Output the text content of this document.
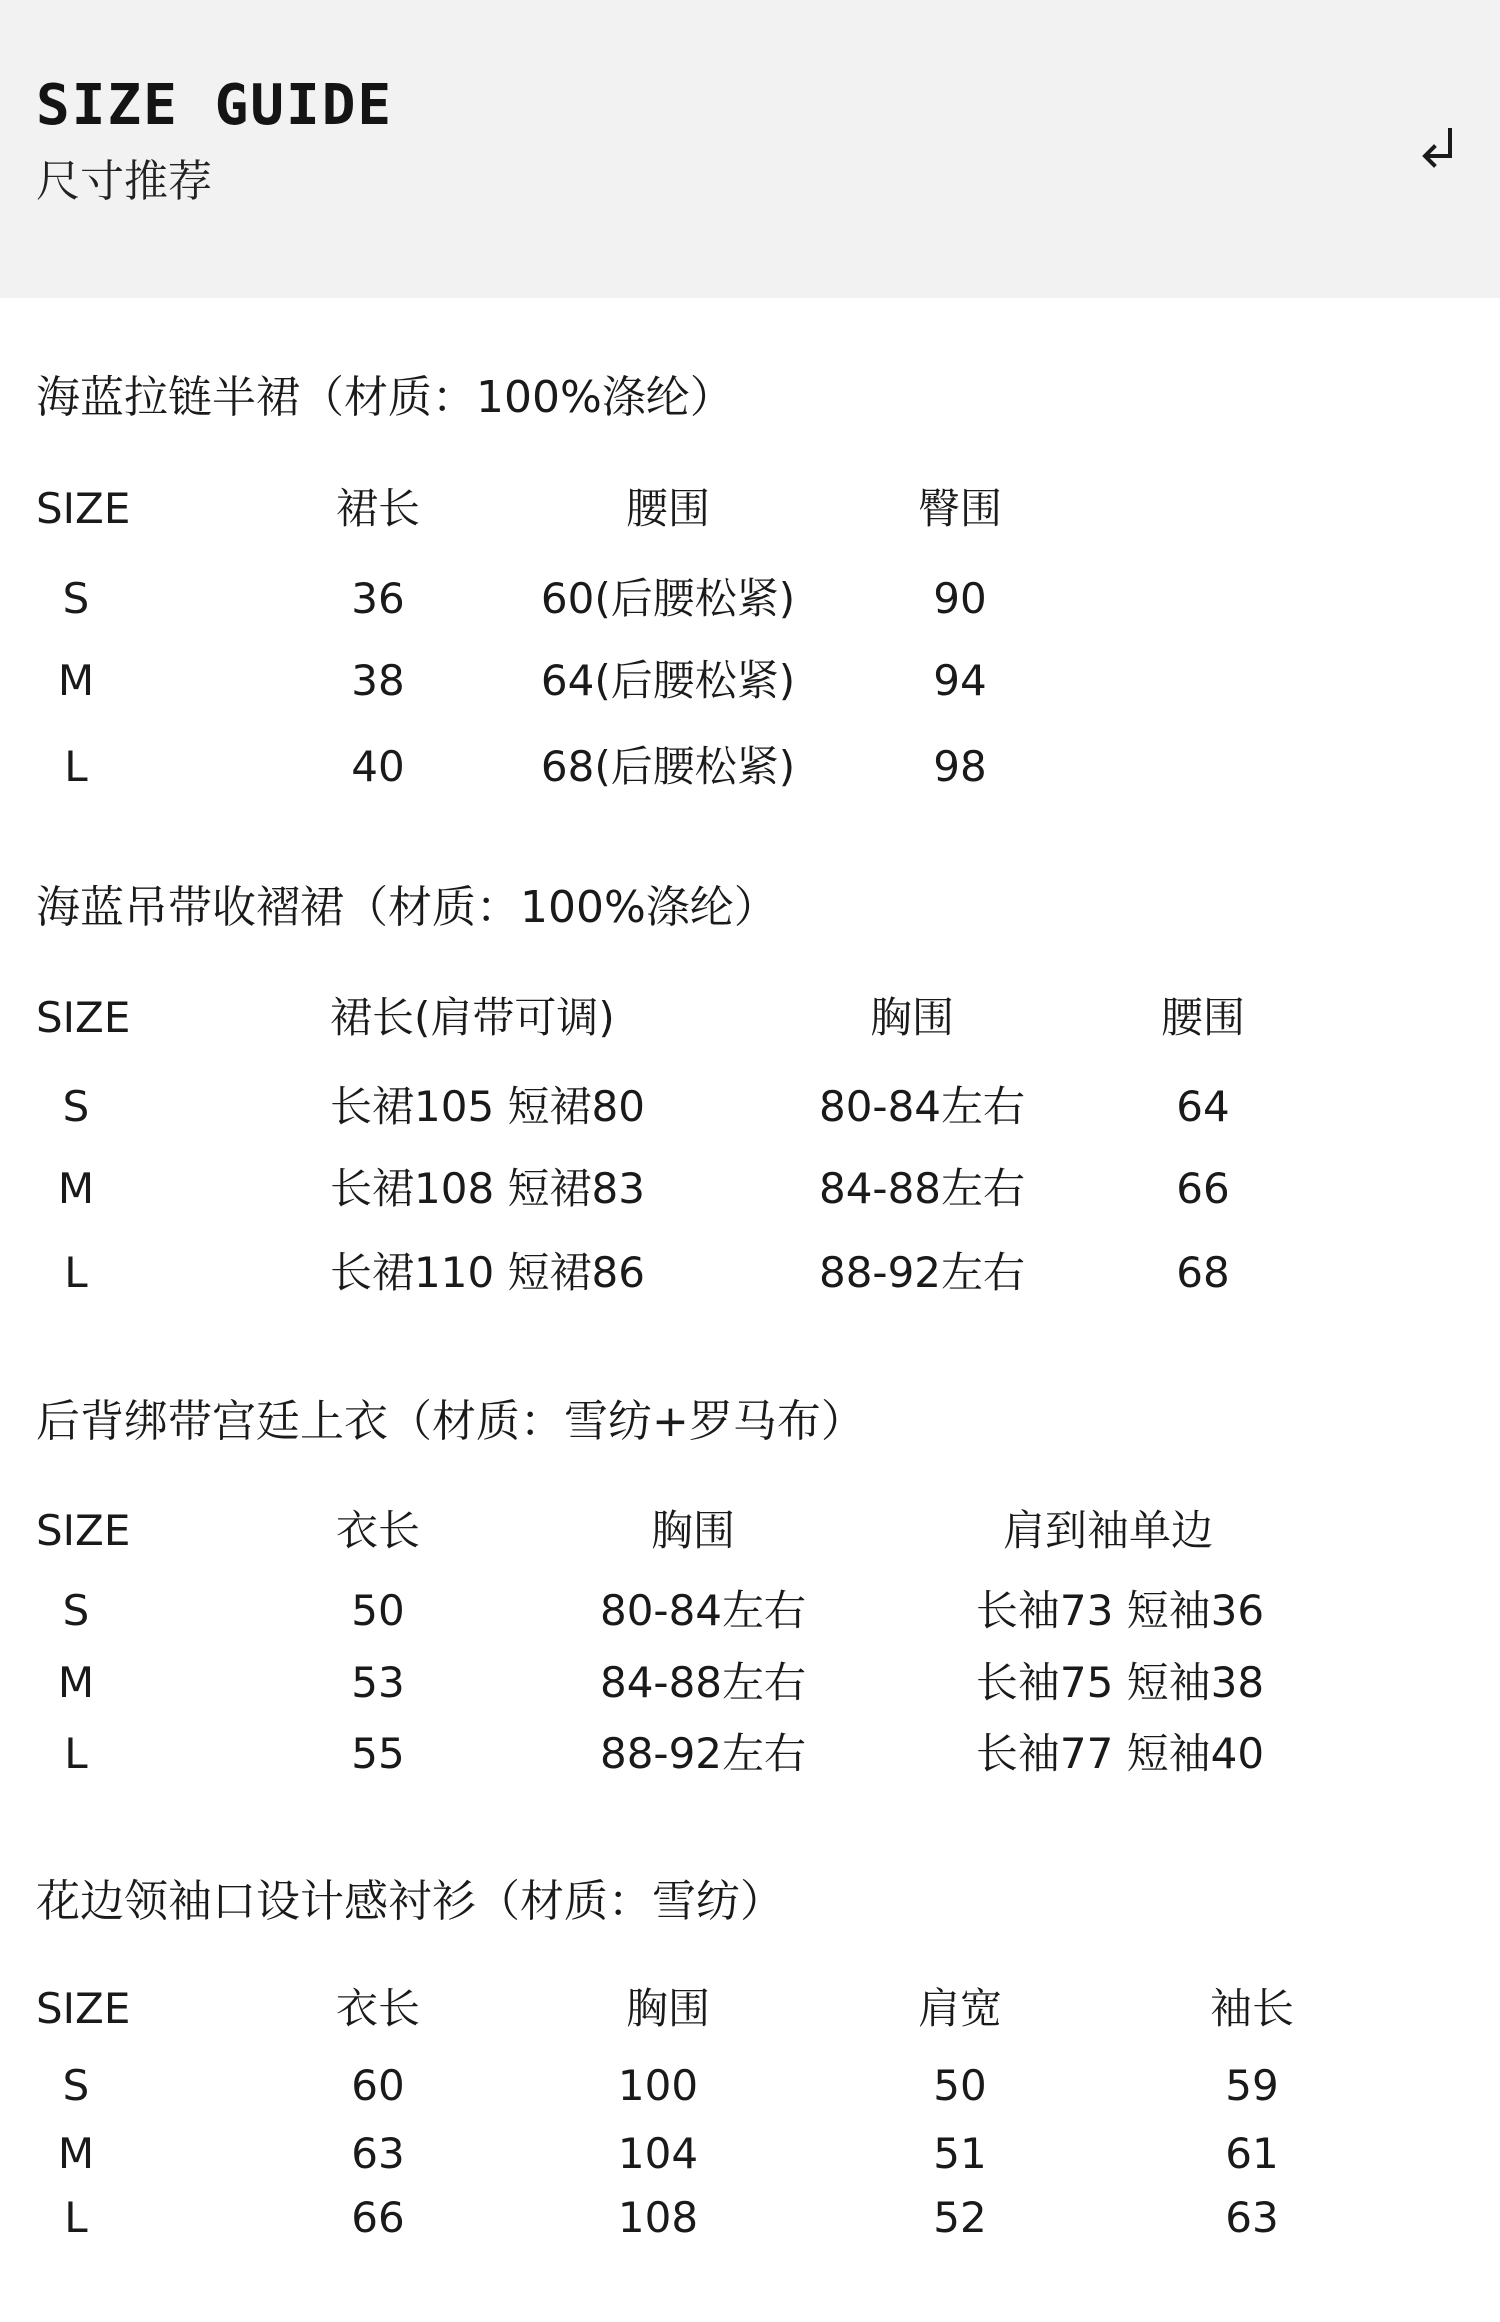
SIZE GUIDE
尺寸推荐
海蓝拉链半裙（材质：100%涤纶）
SIZE	裙长	腰围	臀围
S	36	60(后腰松紧)	90
M	38	64(后腰松紧)	94
L	40	68(后腰松紧)	98
海蓝吊带收褶裙（材质：100%涤纶）
SIZE	裙长(肩带可调)	胸围	腰围
S	长裙105 短裙80	80-84左右	64
M	长裙108 短裙83	84-88左右	66
L	长裙110 短裙86	88-92左右	68
后背绑带宫廷上衣（材质：雪纺+罗马布）
SIZE	衣长	胸围	肩到袖单边
S	50	80-84左右	长袖73 短袖36
M	53	84-88左右	长袖75 短袖38
L	55	88-92左右	长袖77 短袖40
花边领袖口设计感衬衫（材质：雪纺）
SIZE	衣长	胸围	肩宽	袖长
S	60	100	50	59
M	63	104	51	61
L	66	108	52	63
